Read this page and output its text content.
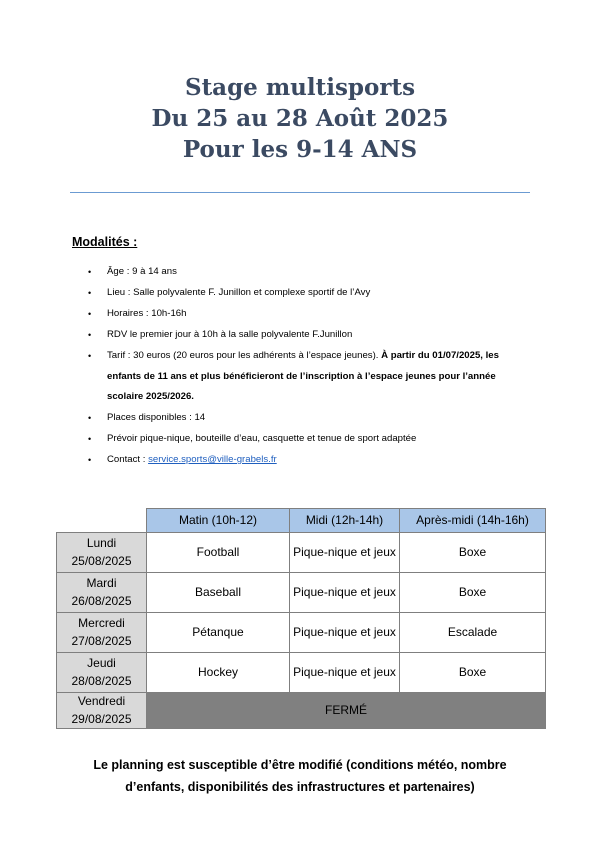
Stage multisports
Du 25 au 28 Août 2025
Pour les 9-14 ANS
Modalités :
• Âge : 9 à 14 ans
• Lieu : Salle polyvalente F. Junillon et complexe sportif de l’Avy
• Horaires : 10h-16h
• RDV le premier jour à 10h à la salle polyvalente F.Junillon
• Tarif : 30 euros (20 euros pour les adhérents à l’espace jeunes). À partir du 01/07/2025, les enfants de 11 ans et plus bénéficieront de l’inscription à l’espace jeunes pour l’année scolaire 2025/2026.
• Places disponibles : 14
• Prévoir pique-nique, bouteille d’eau, casquette et tenue de sport adaptée
• Contact : service.sports@ville-grabels.fr
	Matin (10h-12)	Midi (12h-14h)	Après-midi (14h-16h)

Lundi
25/08/2025	Football	Pique-nique et jeux	Boxe

Mardi
26/08/2025	Baseball	Pique-nique et jeux	Boxe

Mercredi
27/08/2025	Pétanque	Pique-nique et jeux	Escalade

Jeudi
28/08/2025	Hockey	Pique-nique et jeux	Boxe

Vendredi
29/08/2025	FERMÉ		
Le planning est susceptible d’être modifié (conditions météo, nombre
d’enfants, disponibilités des infrastructures et partenaires)
